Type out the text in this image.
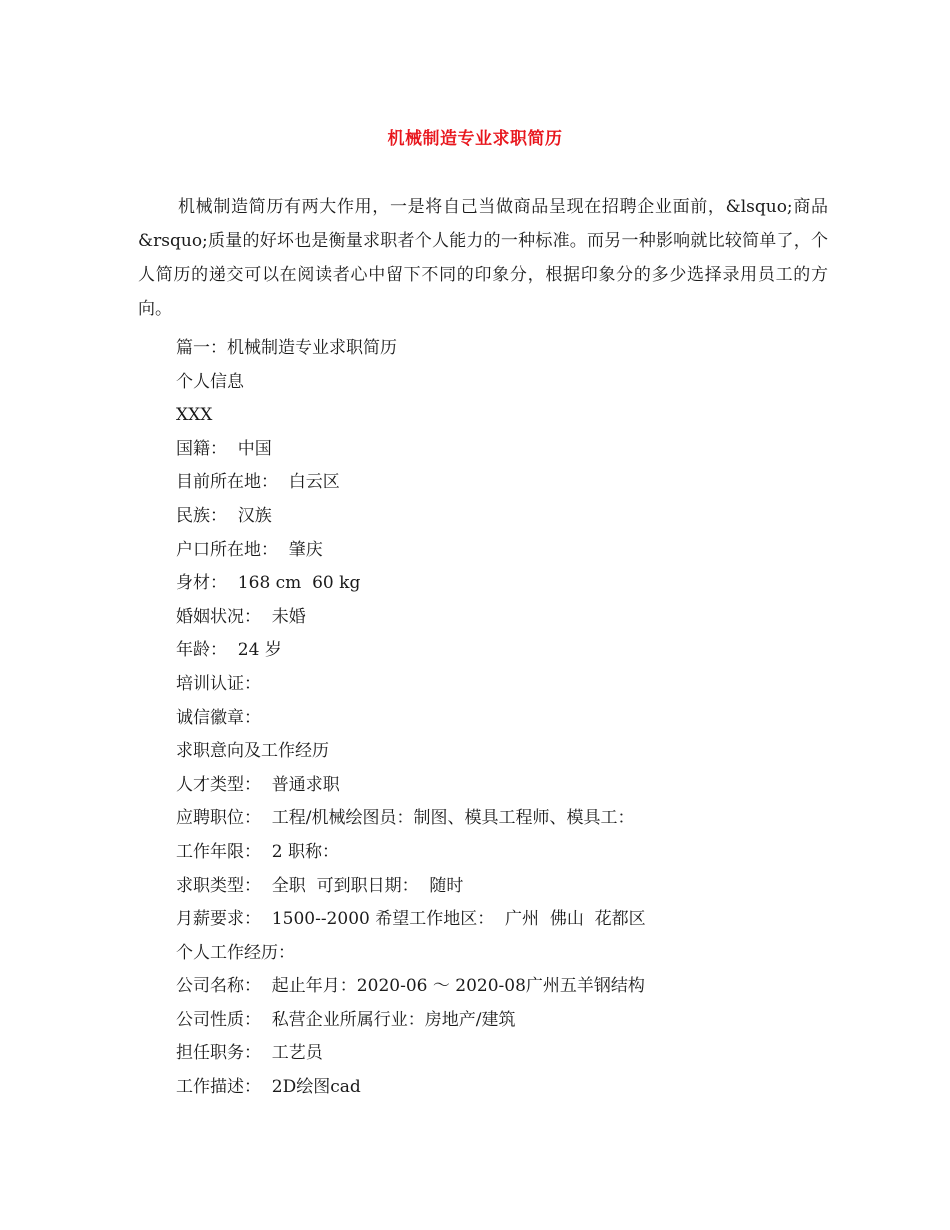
机械制造专业求职简历

机械制造简历有两大作用，一是将自己当做商品呈现在招聘企业面前，&lsquo;商品&rsquo;质量的好坏也是衡量求职者个人能力的一种标准。而另一种影响就比较简单了，个人简历的递交可以在阅读者心中留下不同的印象分，根据印象分的多少选择录用员工的方向。

篇一：机械制造专业求职简历
个人信息
XXX
国籍：  中国
目前所在地：  白云区
民族：  汉族
户口所在地：  肇庆
身材：  168 cm  60 kg
婚姻状况：  未婚
年龄：  24 岁
培训认证：
诚信徽章：
求职意向及工作经历
人才类型：  普通求职
应聘职位：  工程/机械绘图员：制图、模具工程师、模具工：
工作年限：  2 职称：
求职类型：  全职  可到职日期：  随时
月薪要求：  1500--2000 希望工作地区：  广州  佛山  花都区
个人工作经历：
公司名称：  起止年月：2020-06 ～ 2020-08广州五羊钢结构
公司性质：  私营企业所属行业：房地产/建筑
担任职务：  工艺员
工作描述：  2D绘图cad
